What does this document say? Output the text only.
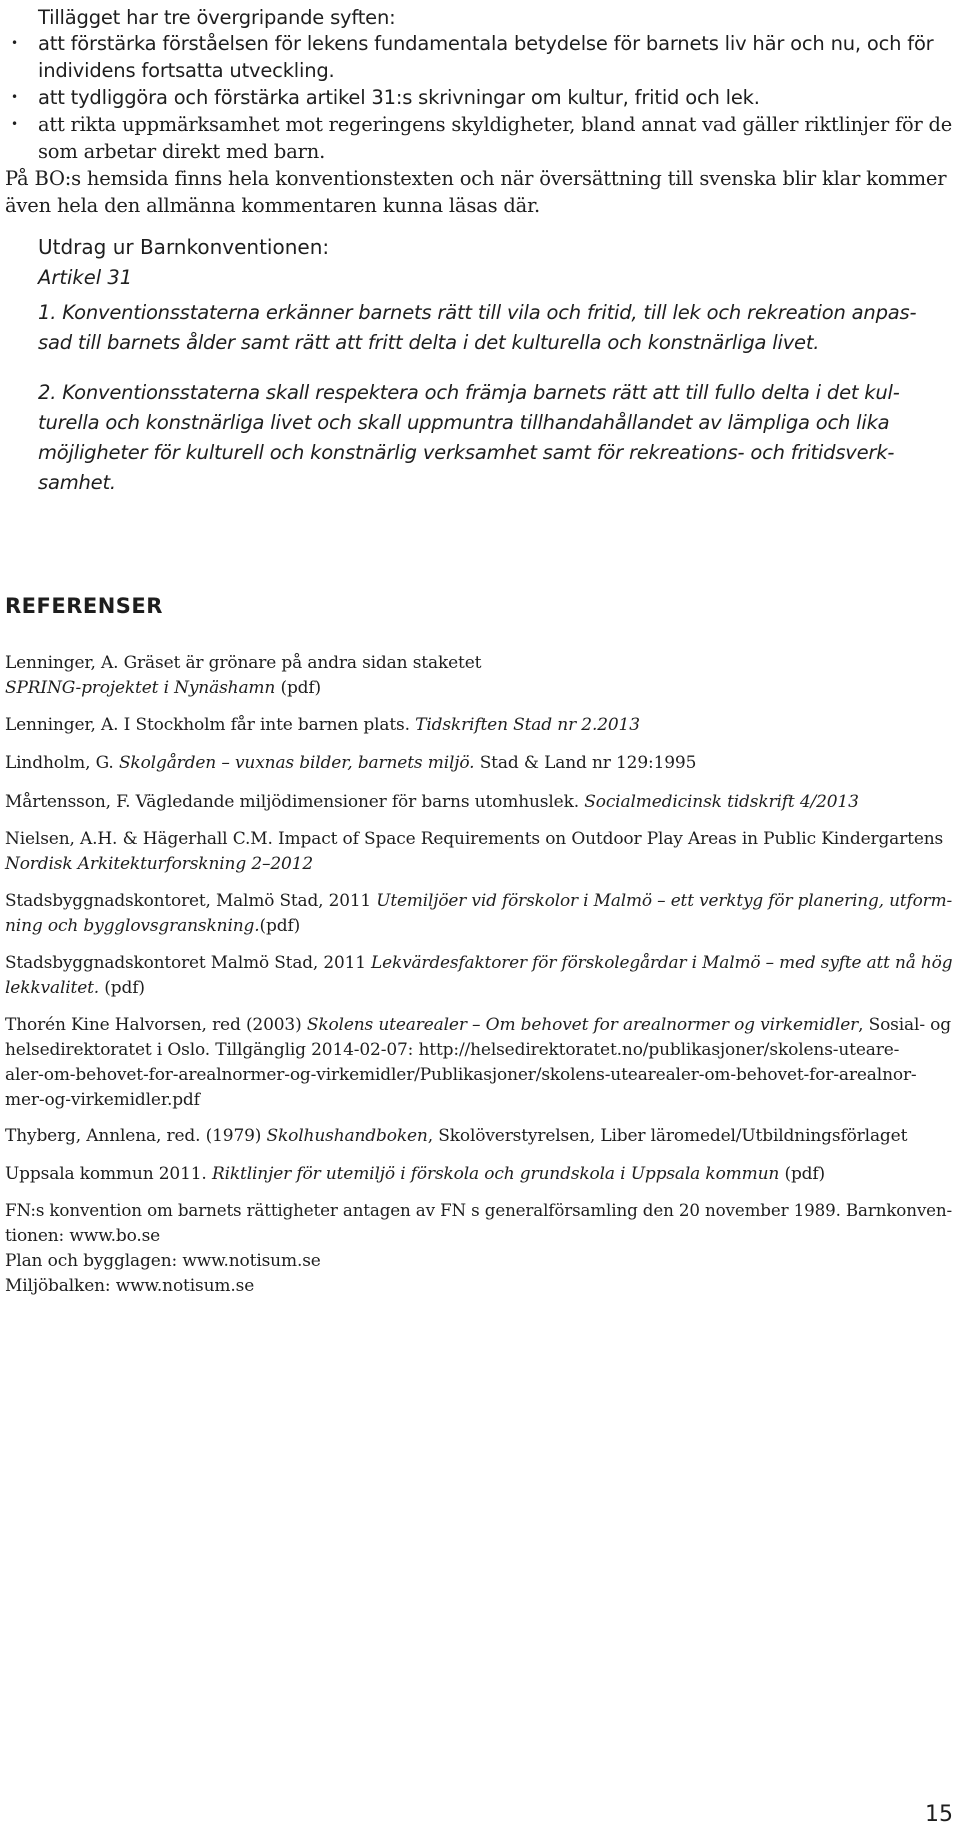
Tillägget har tre övergripande syften:
• att förstärka förståelsen för lekens fundamentala betydelse för barnets liv här och nu, och för
individens fortsatta utveckling.
• att tydliggöra och förstärka artikel 31:s skrivningar om kultur, fritid och lek.
• att rikta uppmärksamhet mot regeringens skyldigheter, bland annat vad gäller riktlinjer för de
som arbetar direkt med barn.
På BO:s hemsida finns hela konventionstexten och när översättning till svenska blir klar kommer
även hela den allmänna kommentaren kunna läsas där.
Utdrag ur Barnkonventionen:
Artikel 31
1. Konventionsstaterna erkänner barnets rätt till vila och fritid, till lek och rekreation anpas-
sad till barnets ålder samt rätt att fritt delta i det kulturella och konstnärliga livet.
2. Konventionsstaterna skall respektera och främja barnets rätt att till fullo delta i det kul-
turella och konstnärliga livet och skall uppmuntra tillhandahållandet av lämpliga och lika
möjligheter för kulturell och konstnärlig verksamhet samt för rekreations- och fritidsverk-
samhet.
REFERENSER
Lenninger, A. Gräset är grönare på andra sidan staketet
SPRING-projektet i Nynäshamn (pdf)
Lenninger, A. I Stockholm får inte barnen plats. Tidskriften Stad nr 2.2013
Lindholm, G. Skolgården – vuxnas bilder, barnets miljö. Stad & Land nr 129:1995
Mårtensson, F. Vägledande miljödimensioner för barns utomhuslek. Socialmedicinsk tidskrift 4/2013
Nielsen, A.H. & Hägerhall C.M. Impact of Space Requirements on Outdoor Play Areas in Public Kindergartens
Nordisk Arkitekturforskning 2–2012
Stadsbyggnadskontoret, Malmö Stad, 2011 Utemiljöer vid förskolor i Malmö – ett verktyg för planering, utform-
ning och bygglovsgranskning.(pdf)
Stadsbyggnadskontoret Malmö Stad, 2011 Lekvärdesfaktorer för förskolegårdar i Malmö – med syfte att nå hög
lekkvalitet. (pdf)
Thorén Kine Halvorsen, red (2003) Skolens utearealer – Om behovet for arealnormer og virkemidler, Sosial- og
helsedirektoratet i Oslo. Tillgänglig 2014-02-07: http://helsedirektoratet.no/publikasjoner/skolens-uteare-
aler-om-behovet-for-arealnormer-og-virkemidler/Publikasjoner/skolens-utearealer-om-behovet-for-arealnor-
mer-og-virkemidler.pdf
Thyberg, Annlena, red. (1979) Skolhushandboken, Skolöverstyrelsen, Liber läromedel/Utbildningsförlaget
Uppsala kommun 2011. Riktlinjer för utemiljö i förskola och grundskola i Uppsala kommun (pdf)
FN:s konvention om barnets rättigheter antagen av FN s generalförsamling den 20 november 1989. Barnkonven-
tionen: www.bo.se
Plan och bygglagen: www.notisum.se
Miljöbalken: www.notisum.se
15
